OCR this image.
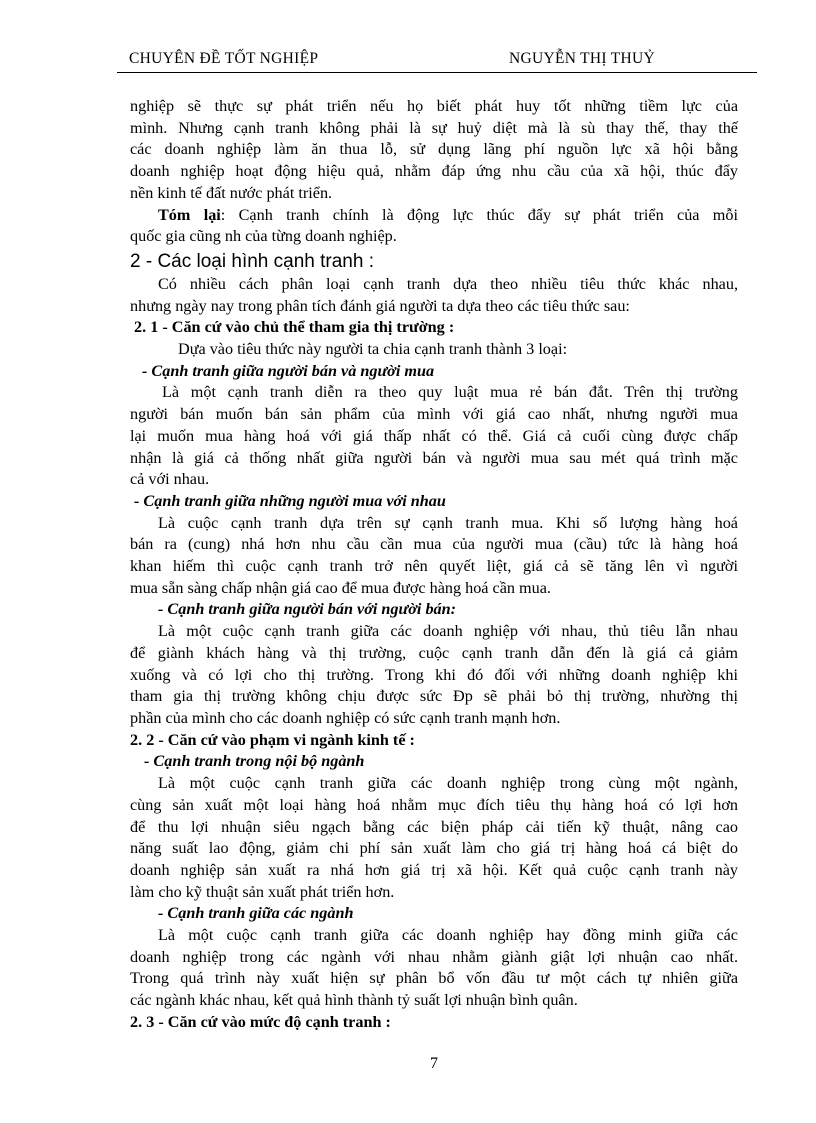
CHUYÊN ĐỀ TỐT NGHIỆP	NGUYỄN THỊ THUỶ
nghiệp sẽ thực sự phát triển nếu họ biết phát huy tốt những tiềm lực của
mình. Nhưng cạnh tranh không phải là sự huỷ diệt mà là sù thay thế, thay thế
các doanh nghiệp làm ăn thua lỗ, sử dụng lãng phí nguồn lực xã hội bằng
doanh nghiệp hoạt động hiệu quả, nhằm đáp ứng nhu cầu của xã hội, thúc đẩy
nền kinh tế đất nước phát triển.
Tóm lại: Cạnh tranh chính là động lực thúc đẩy sự phát triển của mỗi
quốc gia cũng nh của từng doanh nghiệp.
2 - Các loại hình cạnh tranh :
Có nhiều cách phân loại cạnh tranh dựa theo nhiều tiêu thức khác nhau,
nhưng ngày nay trong phân tích đánh giá người ta dựa theo các tiêu thức sau:
2. 1 - Căn cứ vào chủ thể tham gia thị trường :
Dựa vào tiêu thức này người ta chia cạnh tranh thành 3 loại:
- Cạnh tranh giữa người bán và người mua
Là một cạnh tranh diễn ra theo quy luật mua rẻ bán đắt. Trên thị trường
người bán muốn bán sản phẩm của mình với giá cao nhất, nhưng người mua
lại muốn mua hàng hoá với giá thấp nhất có thể. Giá cả cuối cùng được chấp
nhận là giá cả thống nhất giữa người bán và người mua sau mét quá trình mặc
cả với nhau.
- Cạnh tranh giữa những người mua với nhau
Là cuộc cạnh tranh dựa trên sự cạnh tranh mua. Khi số lượng hàng hoá
bán ra (cung) nhá hơn nhu cầu cần mua của người mua (cầu) tức là hàng hoá
khan hiếm thì cuộc cạnh tranh trở nên quyết liệt, giá cả sẽ tăng lên vì người
mua sẵn sàng chấp nhận giá cao để mua được hàng hoá cần mua.
- Cạnh tranh giữa người bán với người bán:
Là một cuộc cạnh tranh giữa các doanh nghiệp với nhau, thủ tiêu lẫn nhau
để giành khách hàng và thị trường, cuộc cạnh tranh dẫn đến là giá cả giảm
xuống và có lợi cho thị trường. Trong khi đó đối với những doanh nghiệp khi
tham gia thị trường không chịu được sức Ðp sẽ phải bỏ thị trường, nhường thị
phần của mình cho các doanh nghiệp có sức cạnh tranh mạnh hơn.
2. 2 - Căn cứ vào phạm vi ngành kinh tế :
- Cạnh tranh trong nội bộ ngành
Là một cuộc cạnh tranh giữa các doanh nghiệp trong cùng một ngành,
cùng sản xuất một loại hàng hoá nhằm mục đích tiêu thụ hàng hoá có lợi hơn
để thu lợi nhuận siêu ngạch bằng các biện pháp cải tiến kỹ thuật, nâng cao
năng suất lao động, giảm chi phí sản xuất làm cho giá trị hàng hoá cá biệt do
doanh nghiệp sản xuất ra nhá hơn giá trị xã hội. Kết quả cuộc cạnh tranh này
làm cho kỹ thuật sản xuất phát triển hơn.
- Cạnh tranh giữa các ngành
Là một cuộc cạnh tranh giữa các doanh nghiệp hay đồng minh giữa các
doanh nghiệp trong các ngành với nhau nhằm giành giật lợi nhuận cao nhất.
Trong quá trình này xuất hiện sự phân bổ vốn đầu tư một cách tự nhiên giữa
các ngành khác nhau, kết quả hình thành tỷ suất lợi nhuận bình quân.
2. 3 - Căn cứ vào mức độ cạnh tranh :
7
